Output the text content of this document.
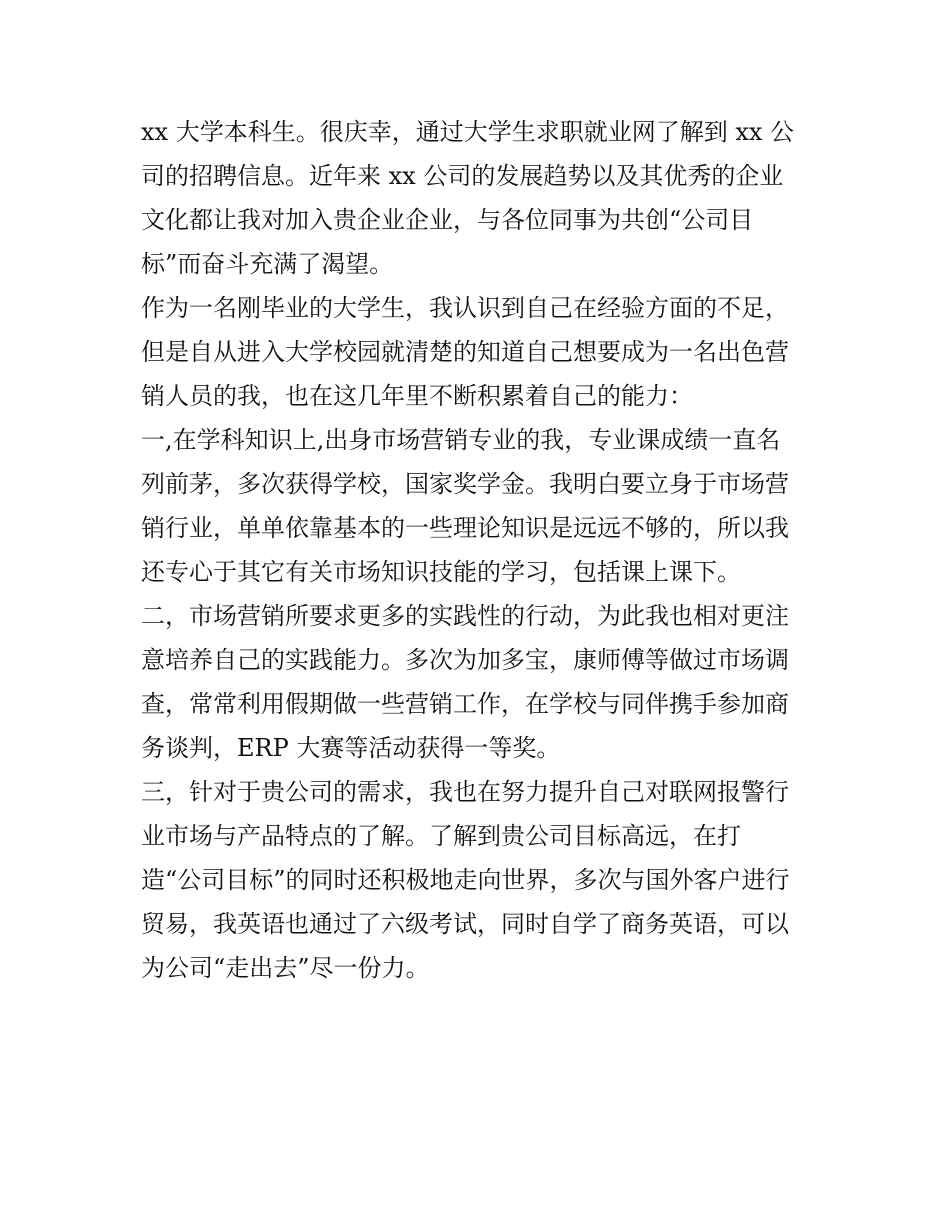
xx 大学本科生。很庆幸，通过大学生求职就业网了解到 xx 公
司的招聘信息。近年来 xx 公司的发展趋势以及其优秀的企业
文化都让我对加入贵企业企业，与各位同事为共创“公司目
标”而奋斗充满了渴望。
作为一名刚毕业的大学生，我认识到自己在经验方面的不足，
但是自从进入大学校园就清楚的知道自己想要成为一名出色营
销人员的我，也在这几年里不断积累着自己的能力：
一,在学科知识上,出身市场营销专业的我，专业课成绩一直名
列前茅，多次获得学校，国家奖学金。我明白要立身于市场营
销行业，单单依靠基本的一些理论知识是远远不够的，所以我
还专心于其它有关市场知识技能的学习，包括课上课下。
二，市场营销所要求更多的实践性的行动，为此我也相对更注
意培养自己的实践能力。多次为加多宝，康师傅等做过市场调
查，常常利用假期做一些营销工作，在学校与同伴携手参加商
务谈判，ERP 大赛等活动获得一等奖。
三，针对于贵公司的需求，我也在努力提升自己对联网报警行
业市场与产品特点的了解。了解到贵公司目标高远，在打
造“公司目标”的同时还积极地走向世界，多次与国外客户进行
贸易，我英语也通过了六级考试，同时自学了商务英语，可以
为公司“走出去”尽一份力。
